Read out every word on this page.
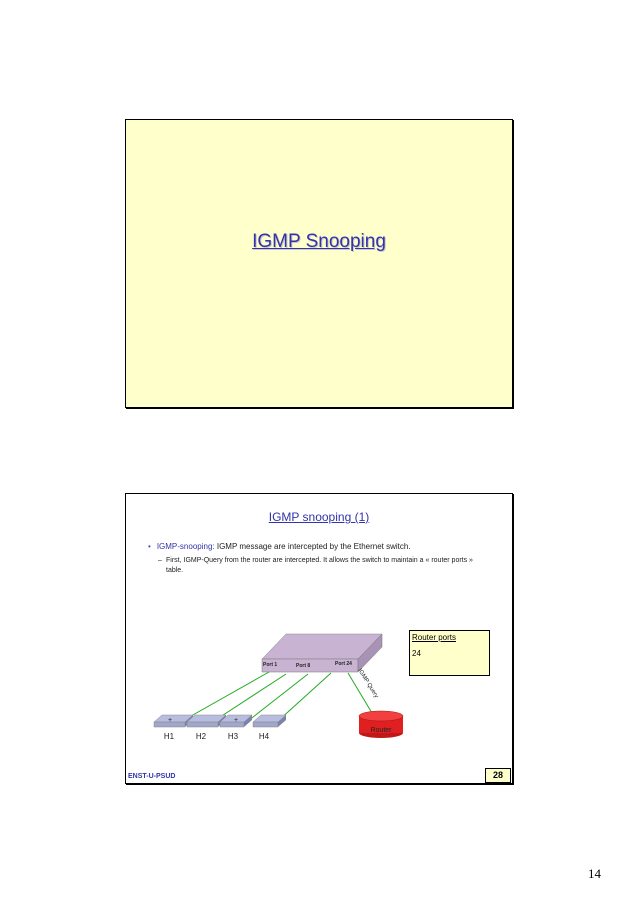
IGMP Snooping
IGMP snooping (1)
• IGMP-snooping: IGMP message are intercepted by the Ethernet switch.
– First, IGMP-Query from the router are intercepted. It allows the switch to maintain a « router ports » table.
Port 1	Port 8	Port 24
IGMP Query
Router
+	+
H1	H2	H3	H4
Router ports
24
ENST-U-PSUD	28
14
